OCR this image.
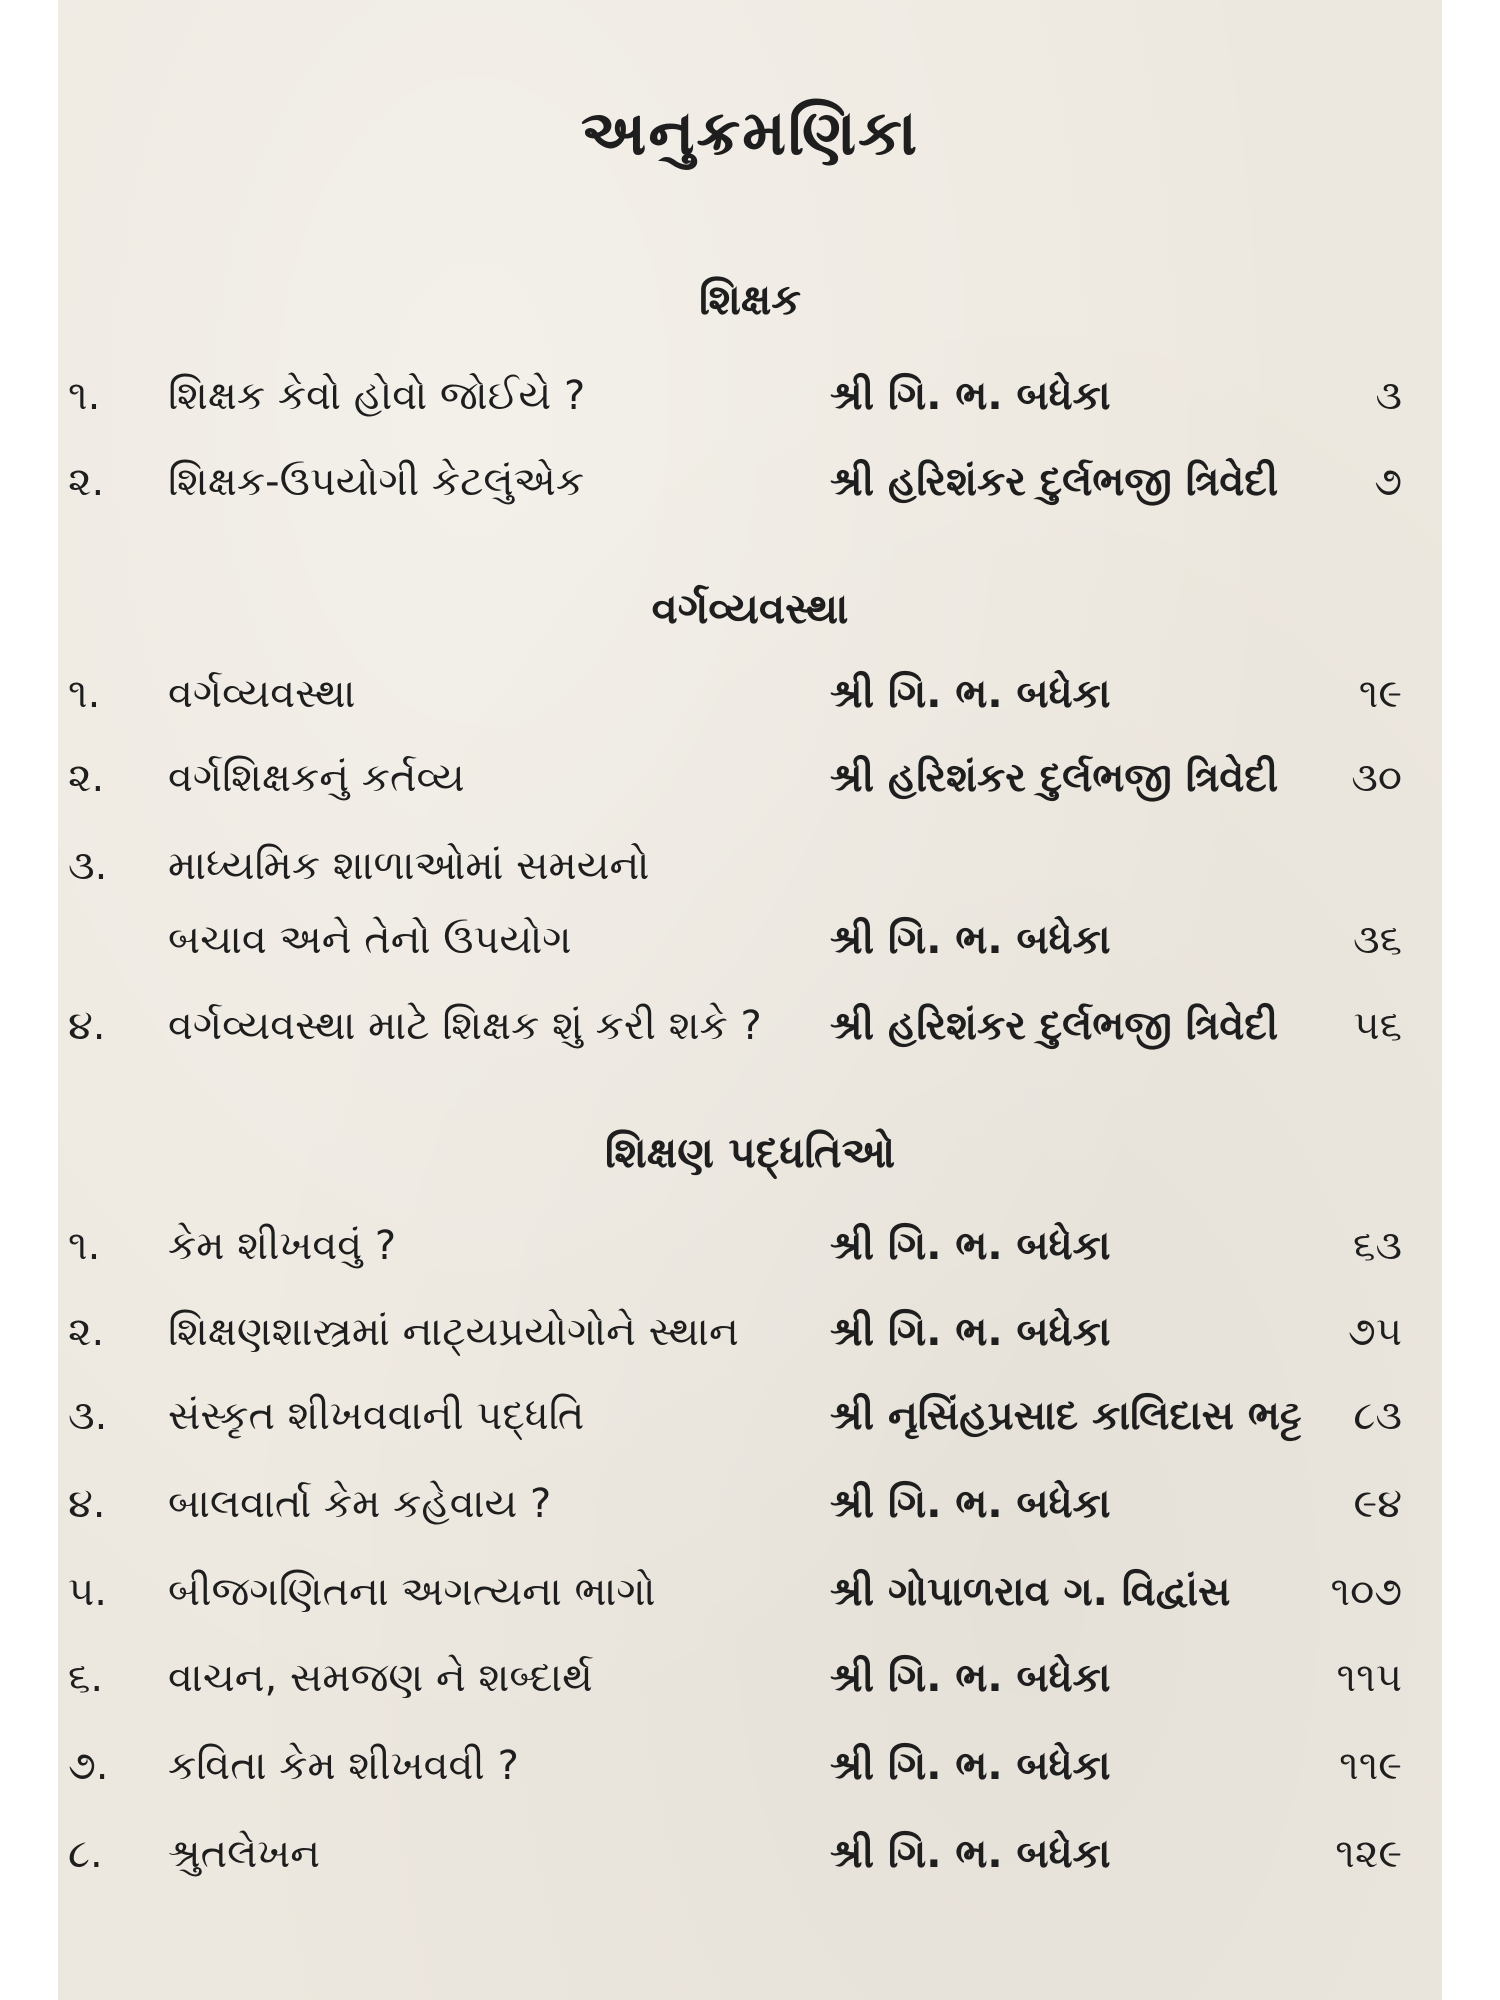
અનુક્રમણિકા
શિક્ષક
૧. શિક્ષક કેવો હોવો જોઈયે ?	શ્રી ગિ. ભ. બધેકા	૩
૨. શિક્ષક-ઉપયોગી કેટલુંએક	શ્રી હરિશંકર દુર્લભજી ત્રિવેદી ૭
વર્ગવ્યવસ્થા
૧. વર્ગવ્યવસ્થા	શ્રી ગિ. ભ. બધેકા	૧૯
૨. વર્ગશિક્ષકનું કર્તવ્ય	શ્રી હરિશંકર દુર્લભજી ત્રિવેદી ૩૦
૩. માધ્યમિક શાળાઓમાં સમયનો
બચાવ અને તેનો ઉપયોગ	શ્રી ગિ. ભ. બધેકા	૩૬
૪. વર્ગવ્યવસ્થા માટે શિક્ષક શું કરી શકે ? શ્રી હરિશંકર દુર્લભજી ત્રિવેદી ૫૬
શિક્ષણ પદ્ધતિઓ
૧. કેમ શીખવવું ?	શ્રી ગિ. ભ. બધેકા	૬૩
૨. શિક્ષણશાસ્ત્રમાં નાટ્યપ્રયોગોને સ્થાન શ્રી ગિ. ભ. બધેકા	૭૫
૩. સંસ્કૃત શીખવવાની પદ્ધતિ	શ્રી નૃસિંહપ્રસાદ કાલિદાસ ભટ્ટ ૮૩
૪. બાલવાર્તા કેમ કહેવાય ?	શ્રી ગિ. ભ. બધેકા	૯૪
૫. બીજગણિતના અગત્યના ભાગો	શ્રી ગોપાળરાવ ગ. વિદ્વાંસ	૧૦૭
૬. વાચન, સમજણ ને શબ્દાર્થ	શ્રી ગિ. ભ. બધેકા	૧૧૫
૭. કવિતા કેમ શીખવવી ?	શ્રી ગિ. ભ. બધેકા	૧૧૯
૮. શ્રુતલેખન	શ્રી ગિ. ભ. બધેકા	૧૨૯
